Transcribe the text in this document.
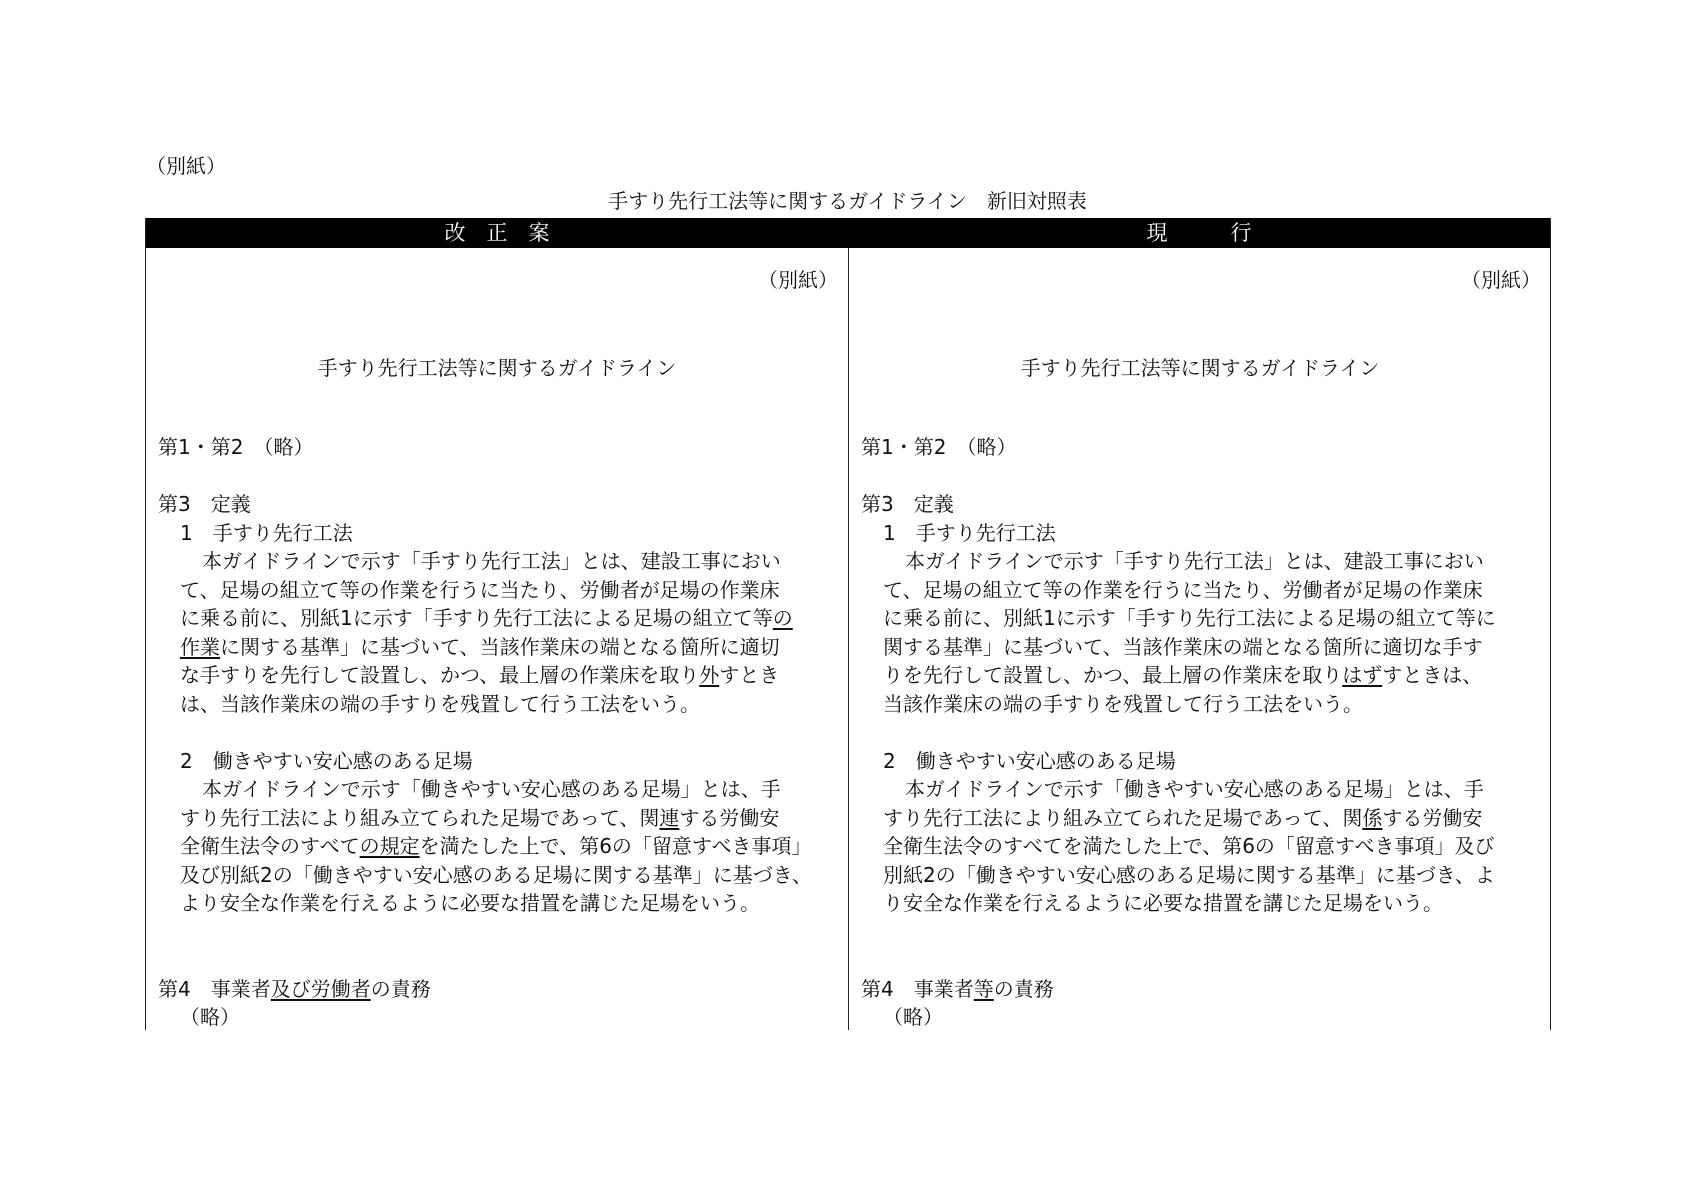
（別紙）
手すり先行工法等に関するガイドライン　新旧対照表
改　正　案	現　　　行
（別紙）
手すり先行工法等に関するガイドライン

第1・第2　（略）

第3　定義

1　手すり先行工法

本ガイドラインで示す「手すり先行工法」とは、建設工事におい

て、足場の組立て等の作業を行うに当たり、労働者が足場の作業床

に乗る前に、別紙1に示す「手すり先行工法による足場の組立て等の

作業に関する基準」に基づいて、当該作業床の端となる箇所に適切

な手すりを先行して設置し、かつ、最上層の作業床を取り外すとき

は、当該作業床の端の手すりを残置して行う工法をいう。

2　働きやすい安心感のある足場

本ガイドラインで示す「働きやすい安心感のある足場」とは、手

すり先行工法により組み立てられた足場であって、関連する労働安

全衛生法令のすべての規定を満たした上で、第6の「留意すべき事項」

及び別紙2の「働きやすい安心感のある足場に関する基準」に基づき、

より安全な作業を行えるように必要な措置を講じた足場をいう。

第4　事業者及び労働者の責務

（略）

（別紙）
手すり先行工法等に関するガイドライン

第1・第2　（略）

第3　定義

1　手すり先行工法

本ガイドラインで示す「手すり先行工法」とは、建設工事におい

て、足場の組立て等の作業を行うに当たり、労働者が足場の作業床

に乗る前に、別紙1に示す「手すり先行工法による足場の組立て等に

関する基準」に基づいて、当該作業床の端となる箇所に適切な手す

りを先行して設置し、かつ、最上層の作業床を取りはずすときは、

当該作業床の端の手すりを残置して行う工法をいう。

2　働きやすい安心感のある足場

本ガイドラインで示す「働きやすい安心感のある足場」とは、手

すり先行工法により組み立てられた足場であって、関係する労働安

全衛生法令のすべてを満たした上で、第6の「留意すべき事項」及び

別紙2の「働きやすい安心感のある足場に関する基準」に基づき、よ

り安全な作業を行えるように必要な措置を講じた足場をいう。

第4　事業者等の責務

（略）
